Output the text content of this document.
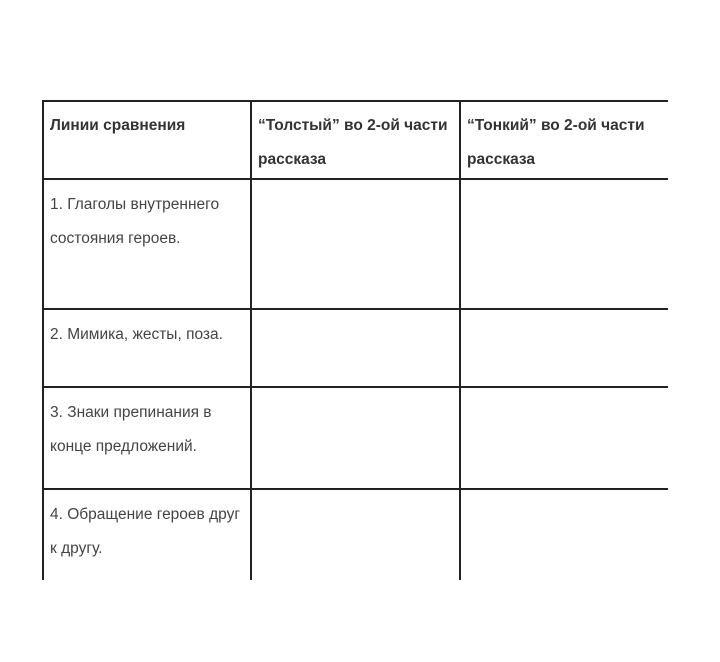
Линии сравнения	“Толстый” во 2-ой части рассказа	“Тонкий” во 2-ой части рассказа
1. Глаголы внутреннего состояния героев.		
2. Мимика, жесты, поза.		
3. Знаки препинания в конце предложений.		
4. Обращение героев друг к другу.		
